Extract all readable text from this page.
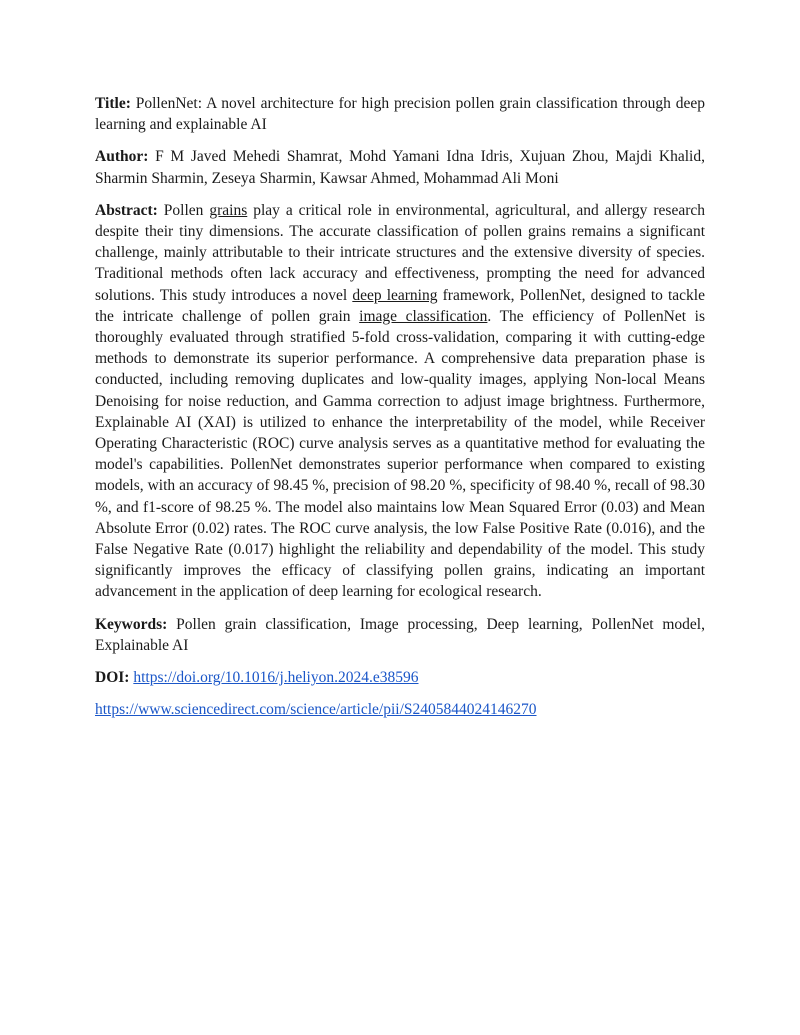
Title: PollenNet: A novel architecture for high precision pollen grain classification through deep learning and explainable AI

Author: F M Javed Mehedi Shamrat, Mohd Yamani Idna Idris, Xujuan Zhou, Majdi Khalid, Sharmin Sharmin, Zeseya Sharmin, Kawsar Ahmed, Mohammad Ali Moni

Abstract: Pollen grains play a critical role in environmental, agricultural, and allergy research despite their tiny dimensions. The accurate classification of pollen grains remains a significant challenge, mainly attributable to their intricate structures and the extensive diversity of species. Traditional methods often lack accuracy and effectiveness, prompting the need for advanced solutions. This study introduces a novel deep learning framework, PollenNet, designed to tackle the intricate challenge of pollen grain image classification. The efficiency of PollenNet is thoroughly evaluated through stratified 5-fold cross-validation, comparing it with cutting-edge methods to demonstrate its superior performance. A comprehensive data preparation phase is conducted, including removing duplicates and low-quality images, applying Non-local Means Denoising for noise reduction, and Gamma correction to adjust image brightness. Furthermore, Explainable AI (XAI) is utilized to enhance the interpretability of the model, while Receiver Operating Characteristic (ROC) curve analysis serves as a quantitative method for evaluating the model's capabilities. PollenNet demonstrates superior performance when compared to existing models, with an accuracy of 98.45 %, precision of 98.20 %, specificity of 98.40 %, recall of 98.30 %, and f1-score of 98.25 %. The model also maintains low Mean Squared Error (0.03) and Mean Absolute Error (0.02) rates. The ROC curve analysis, the low False Positive Rate (0.016), and the False Negative Rate (0.017) highlight the reliability and dependability of the model. This study significantly improves the efficacy of classifying pollen grains, indicating an important advancement in the application of deep learning for ecological research.

Keywords: Pollen grain classification, Image processing, Deep learning, PollenNet model, Explainable AI

DOI: https://doi.org/10.1016/j.heliyon.2024.e38596

https://www.sciencedirect.com/science/article/pii/S2405844024146270
